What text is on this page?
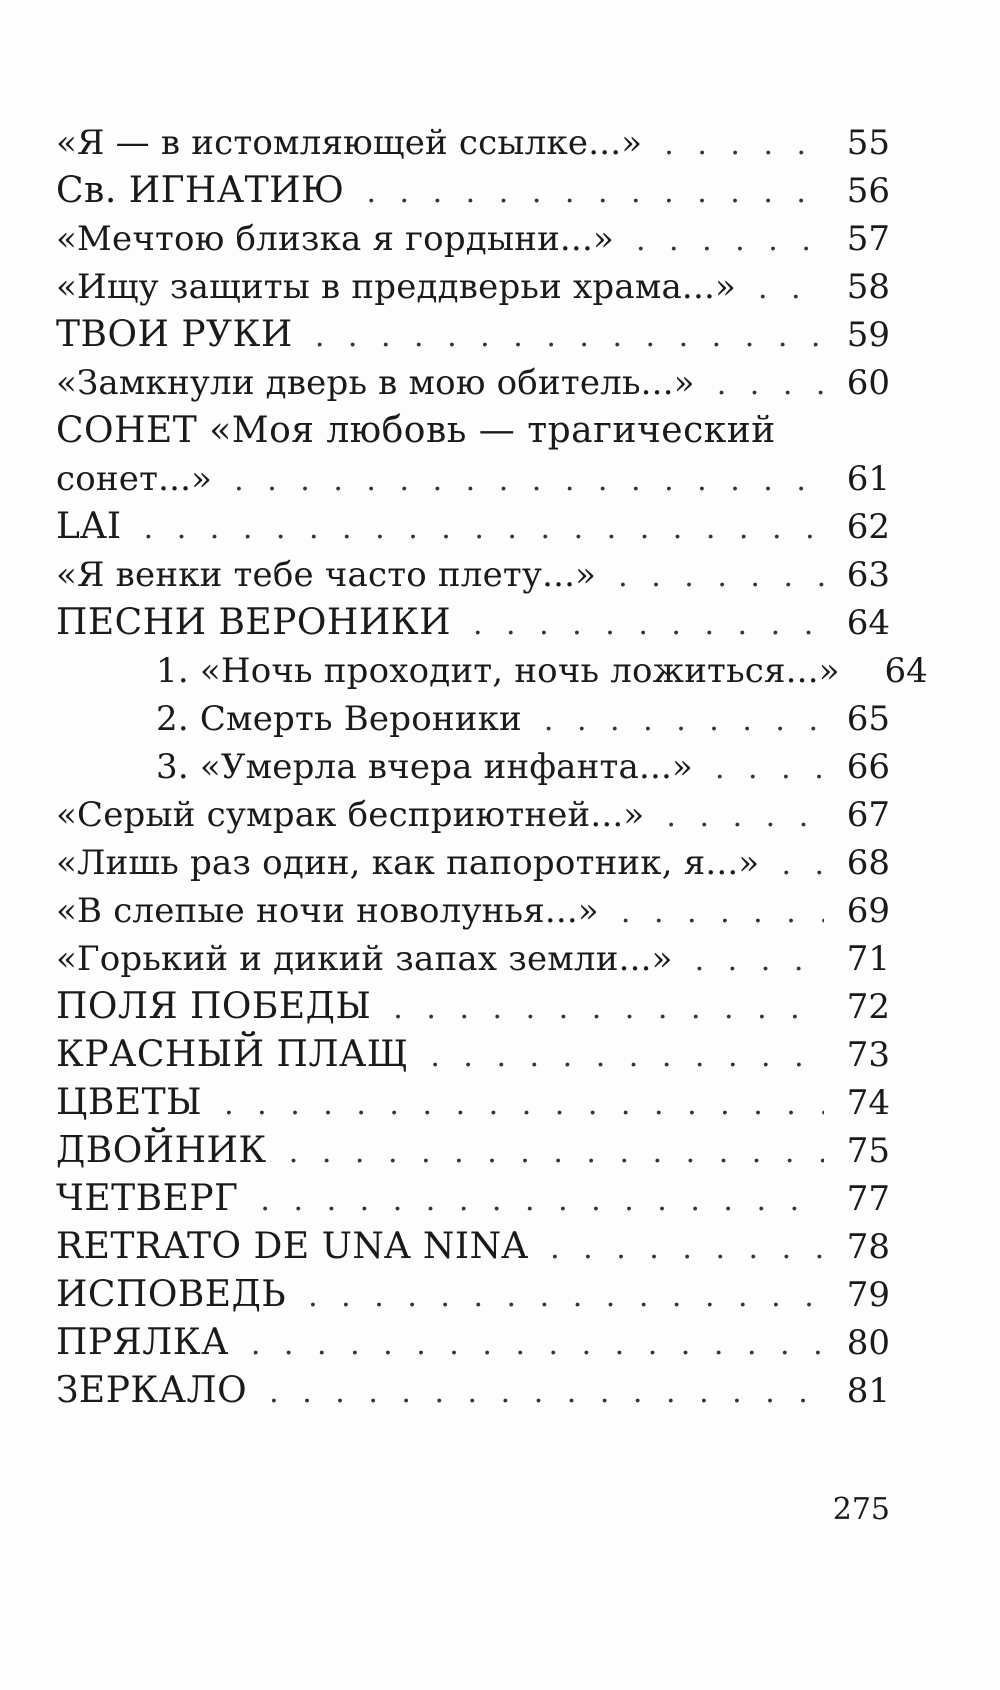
«Я — в истомляющей ссылке...» . . .	55
Св. ИГНАТИЮ . . .	56
«Мечтою близка я гордыни...» . . .	57
«Ищу защиты в преддверьи храма...» . . .	58
ТВОИ РУКИ . . .	59
«Замкнули дверь в мою обитель...» . . .	60
СОНЕТ «Моя любовь — трагический
сонет...» . . .	61
LAI . . .	62
«Я венки тебе часто плету...» . . .	63
ПЕСНИ ВЕРОНИКИ . . .	64
1. «Ночь проходит, ночь ложиться...» 64
2. Смерть Вероники . . .	65
3. «Умерла вчера инфанта...» . . .	66
«Серый сумрак бесприютней...» . . .	67
«Лишь раз один, как папоротник, я...» . . .	68
«В слепые ночи новолунья...» . . .	69
«Горький и дикий запах земли...» . . .	71
ПОЛЯ ПОБЕДЫ . . .	72
КРАСНЫЙ ПЛАЩ . . .	73
ЦВЕТЫ . . .	74
ДВОЙНИК . . .	75
ЧЕТВЕРГ . . .	77
RETRATO DE UNA NINA . . .	78
ИСПОВЕДЬ . . .	79
ПРЯЛКА . . .	80
ЗЕРКАЛО . . .	81
275
